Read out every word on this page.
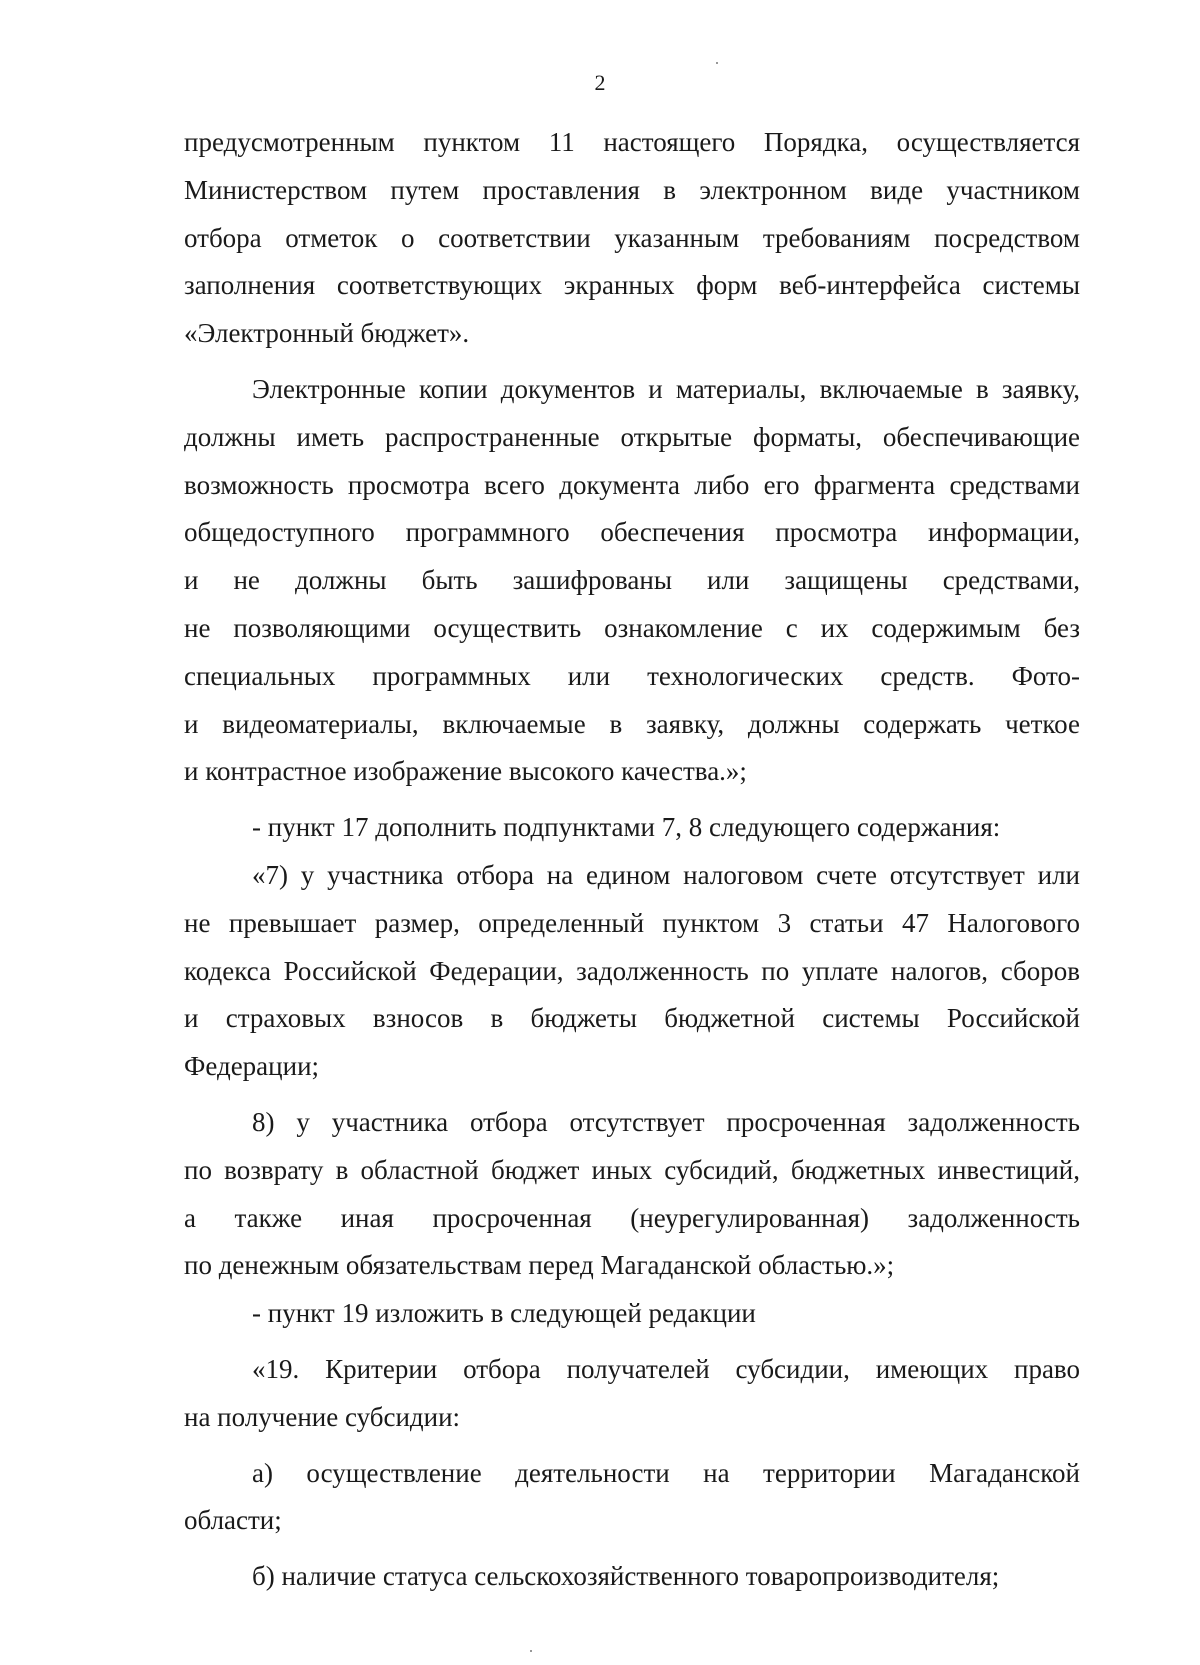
2
предусмотренным пунктом 11 настоящего Порядка, осуществляется
Министерством путем проставления в электронном виде участником
отбора отметок о соответствии указанным требованиям посредством
заполнения соответствующих экранных форм веб-интерфейса системы
«Электронный бюджет».
Электронные копии документов и материалы, включаемые в заявку,
должны иметь распространенные открытые форматы, обеспечивающие
возможность просмотра всего документа либо его фрагмента средствами
общедоступного программного обеспечения просмотра информации,
и не должны быть зашифрованы или защищены средствами,
не позволяющими осуществить ознакомление с их содержимым без
специальных программных или технологических средств. Фото-
и видеоматериалы, включаемые в заявку, должны содержать четкое
и контрастное изображение высокого качества.»;
- пункт 17 дополнить подпунктами 7, 8 следующего содержания:
«7) у участника отбора на едином налоговом счете отсутствует или
не превышает размер, определенный пунктом 3 статьи 47 Налогового
кодекса Российской Федерации, задолженность по уплате налогов, сборов
и страховых взносов в бюджеты бюджетной системы Российской
Федерации;
8) у участника отбора отсутствует просроченная задолженность
по возврату в областной бюджет иных субсидий, бюджетных инвестиций,
а также иная просроченная (неурегулированная) задолженность
по денежным обязательствам перед Магаданской областью.»;
- пункт 19 изложить в следующей редакции
«19. Критерии отбора получателей субсидии, имеющих право
на получение субсидии:
а) осуществление деятельности на территории Магаданской
области;
б) наличие статуса сельскохозяйственного товаропроизводителя;
